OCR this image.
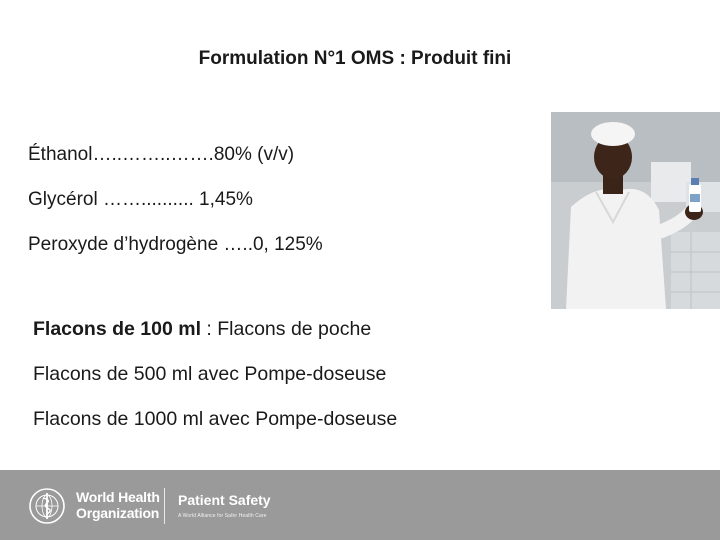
Formulation N°1 OMS : Produit fini
Éthanol…..……..…….80% (v/v)
Glycérol …….......... 1,45%
Peroxyde d’hydrogène …..0, 125%
Flacons de 100 ml : Flacons de poche
Flacons de 500 ml avec Pompe-doseuse
Flacons de 1000 ml avec Pompe-doseuse
World Health
Organization
Patient Safety
A World Alliance for Safer Health Care
